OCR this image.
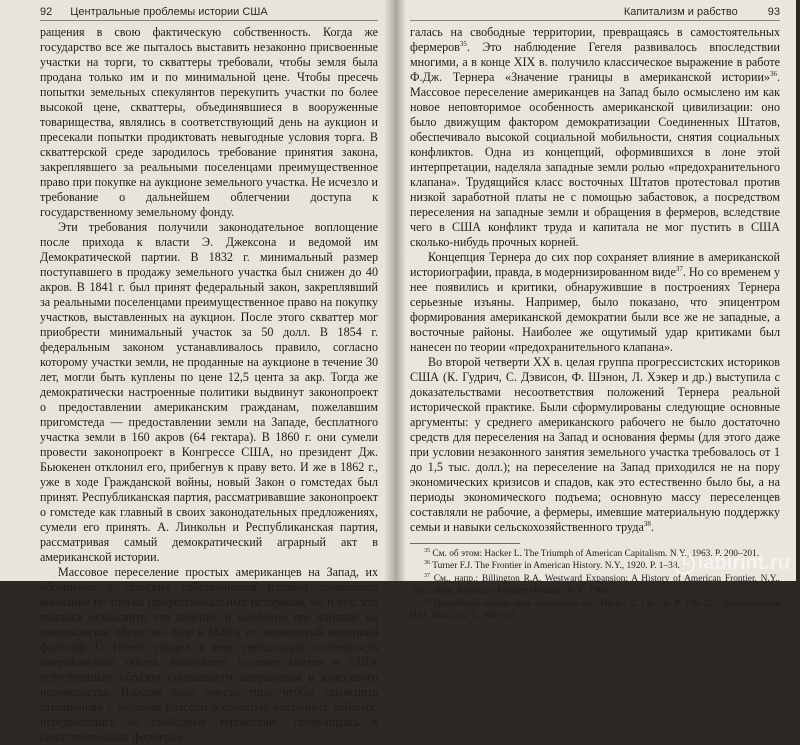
92	Центральные проблемы истории США

ращения в свою фактическую собственность. Когда же государство все же пыталось выставить незаконно присвоенные участки на торги, то скваттеры требовали, чтобы земля была продана только им и по минимальной цене. Чтобы пресечь попытки земельных спекулянтов перекупить участки по более высокой цене, скваттеры, объединявшиеся в вооруженные товарищества, являлись в соответствующий день на аукцион и пресекали попытки продиктовать невыгодные условия торга. В скваттерской среде зародилось требование принятия закона, закреплявшего за реальными поселенцами преимущественное право при покупке на аукционе земельного участка. Не исчезло и требование о дальнейшем облегчении доступа к государственному земельному фонду.

Эти требования получили законодательное воплощение после прихода к власти Э. Джексона и ведомой им Демократической партии. В 1832 г. минимальный размер поступавшего в продажу земельного участка был снижен до 40 акров. В 1841 г. был принят федеральный закон, закреплявший за реальными поселенцами преимущественное право на покупку участков, выставленных на аукцион. После этого скваттер мог приобрести минимальный участок за 50 долл. В 1854 г. федеральным законом устанавливалось правило, согласно которому участки земли, не проданные на аукционе в течение 30 лет, могли быть куплены по цене 12,5 цента за акр. Тогда же демократически настроенные политики выдвинут законопроект о предоставлении американским гражданам, пожелавшим пригомстеда — предоставлении земли на Западе, бесплатного участка земли в 160 акров (64 гектара). В 1860 г. они сумели провести законопроект в Конгрессе США, но президент Дж. Бьюкенен отклонил его, прибегнув к праву вето. И же в 1862 г., уже в ходе Гражданской войны, новый Закон о гомстедах был принят. Республиканская партия, рассматривавшие законопроект о гомстеде как главный в своих законодательных предложениях, сумели его принять. А. Линкольн и Республиканская партия, рассматривая самый демократический аграрный акт в американской истории.

Массовое переселение простых американцев на Запад, их обращение в сельских собственников издавна привлекало внимание не только профессиональных историков, но и тех, кто пытался осмыслить это явление и особенно его влияние на американское общество. Еще в 1820-х гг. знаменитый немецкий философ Г. Гегель увидел в нем уникальную особенность американского опыта, важнейшее условие снятия в США естественным образом социального напряжения и классового недовольства. Нижние слои вместо того, чтобы «выяснить отношения» с верхним классом в обжитых восточных районах, передвигались на свободные территории, превращаясь в самостоятельных фермеров

Капитализм и рабство	93

галась на свободные территории, превращаясь в самостоятельных фермеров$^{35}$. Это наблюдение Гегеля развивалось впоследствии многими, а в конце XIX в. получило классическое выражение в работе Ф.Дж. Тернера «Значение границы в американской истории»$^{36}$. Массовое переселение американцев на Запад было осмыслено им как новое неповторимое особенность американской цивилизации: оно было движущим фактором демократизации Соединенных Штатов, обеспечивало высокой социальной мобильности, снятия социальных конфликтов. Одна из концепций, оформившихся в лоне этой интерпретации, наделяла западные земли ролью «предохранительного клапана». Трудящийся класс восточных Штатов протестовал против низкой заработной платы не с помощью забастовок, а посредством переселения на западные земли и обращения в фермеров, вследствие чего в США конфликт труда и капитала не мог пустить в США сколько-нибудь прочных корней.

Концепция Тернера до сих пор сохраняет влияние в американской историографии, правда, в модернизированном виде$^{37}$. Но со временем у нее появились и критики, обнаружившие в построениях Тернера серьезные изъяны. Например, было показано, что эпицентром формирования американской демократии были все же не западные, а восточные районы. Наиболее же ощутимый удар критиками был нанесен по теории «предохранительного клапана».

Во второй четверти XX в. целая группа прогрессистских историков США (К. Гудрич, С. Дэвисон, Ф. Шэнон, Л. Хэкер и др.) выступила с доказательствами несоответствия положений Тернера реальной исторической практике. Были сформулированы следующие основные аргументы: у среднего американского рабочего не было достаточно средств для переселения на Запад и основания фермы (для этого даже при условии незаконного занятия земельного участка требовалось от 1 до 1,5 тыс. долл.); на переселение на Запад приходился не на пору экономических кризисов и спадов, как это естественно было бы, а на периоды экономического подъема; основную массу переселенцев составляли не рабочие, а фермеры, имевшие материальную поддержку семьи и навыки сельскохозяйственного труда$^{38}$.

$^{35}$ См. об этом: Hacker L. The Triumph of American Capitalism. N.Y., 1963. P. 200–201.

$^{36}$ Turner F.J. The Frontier in American History. N.Y., 1920. P. 1–38.

$^{37}$ См., напр.: Billington R.A. Westward Expansion: A History of American Frontier. N.Y., 1967; idem. America’s Frontier Heritage. N.Y., 1966.

$^{38}$ Подробный анализ этих концепций см.: Hacker L. Op. cit. P. 198–217; Болховитинов Н.Н. Указ. соч. С. 308–317.

labirint.ru
